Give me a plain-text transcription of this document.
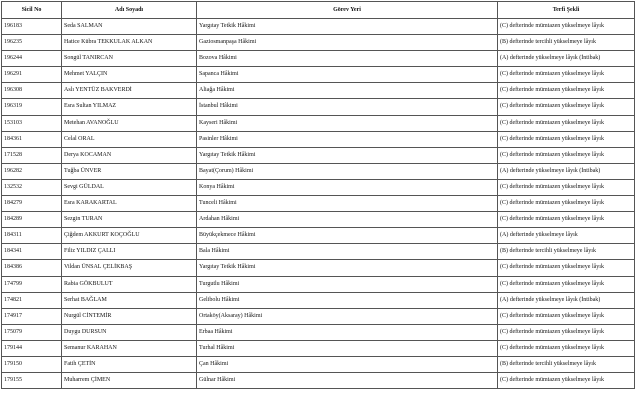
Sicil No	Adı Soyadı	Görev Yeri	Terfi Şekli
196183	Seda SALMAN	Yargıtay Tetkik Hâkimi	(C) defterinde mümtazen yükselmeye lâyık
196235	Hatice Kübra TEKKULAK ALKAN	Gaziosmanpaşa Hâkimi	(B) defterinde tercihli yükselmeye lâyık
196244	Songül TANIRCAN	Bozova Hâkimi	(A) defterinde yükselmeye lâyık (İntibak)
196291	Mehmet YALÇIN	Sapanca Hâkimi	(C) defterinde mümtazen yükselmeye lâyık
196308	Aslı YENTÜZ BAKVERDİ	Aliağa Hâkimi	(C) defterinde mümtazen yükselmeye lâyık
196319	Esra Sultan YILMAZ	İstanbul Hâkimi	(C) defterinde mümtazen yükselmeye lâyık
153103	Metehan AVANOĞLU	Kayseri Hâkimi	(C) defterinde mümtazen yükselmeye lâyık
184361	Celal ORAL	Pasinler Hâkimi	(C) defterinde mümtazen yükselmeye lâyık
171528	Derya KOCAMAN	Yargıtay Tetkik Hâkimi	(C) defterinde mümtazen yükselmeye lâyık
196282	Tuğba ÜNVER	Bayat(Çorum) Hâkimi	(A) defterinde yükselmeye lâyık (İntibak)
132532	Sevgi GÜLDAL	Konya Hâkimi	(C) defterinde mümtazen yükselmeye lâyık
184279	Esra KARAKARTAL	Tunceli Hâkimi	(C) defterinde mümtazen yükselmeye lâyık
184289	Sezgin TURAN	Ardahan Hâkimi	(C) defterinde mümtazen yükselmeye lâyık
184311	Çiğdem AKKURT KOÇOĞLU	Büyükçekmece Hâkimi	(A) defterinde yükselmeye lâyık
184341	Filiz YILDIZ ÇALLI	Bala Hâkimi	(B) defterinde tercihli yükselmeye lâyık
184386	Vildan ÜNSAL ÇELİKBAŞ	Yargıtay Tetkik Hâkimi	(C) defterinde mümtazen yükselmeye lâyık
174799	Rabia GÖKBULUT	Turgutlu Hâkimi	(C) defterinde mümtazen yükselmeye lâyık
174821	Serhat BAĞLAM	Gelibolu Hâkimi	(A) defterinde yükselmeye lâyık (İntibak)
174917	Nurgül CİNTEMİR	Ortaköy(Aksaray) Hâkimi	(C) defterinde mümtazen yükselmeye lâyık
175079	Duygu DURSUN	Erbaa Hâkimi	(C) defterinde mümtazen yükselmeye lâyık
179144	Semanur KARAHAN	Turhal Hâkimi	(C) defterinde mümtazen yükselmeye lâyık
179150	Fatih ÇETİN	Çan Hâkimi	(B) defterinde tercihli yükselmeye lâyık
179155	Muharrem ÇİMEN	Gülnar Hâkimi	(C) defterinde mümtazen yükselmeye lâyık
